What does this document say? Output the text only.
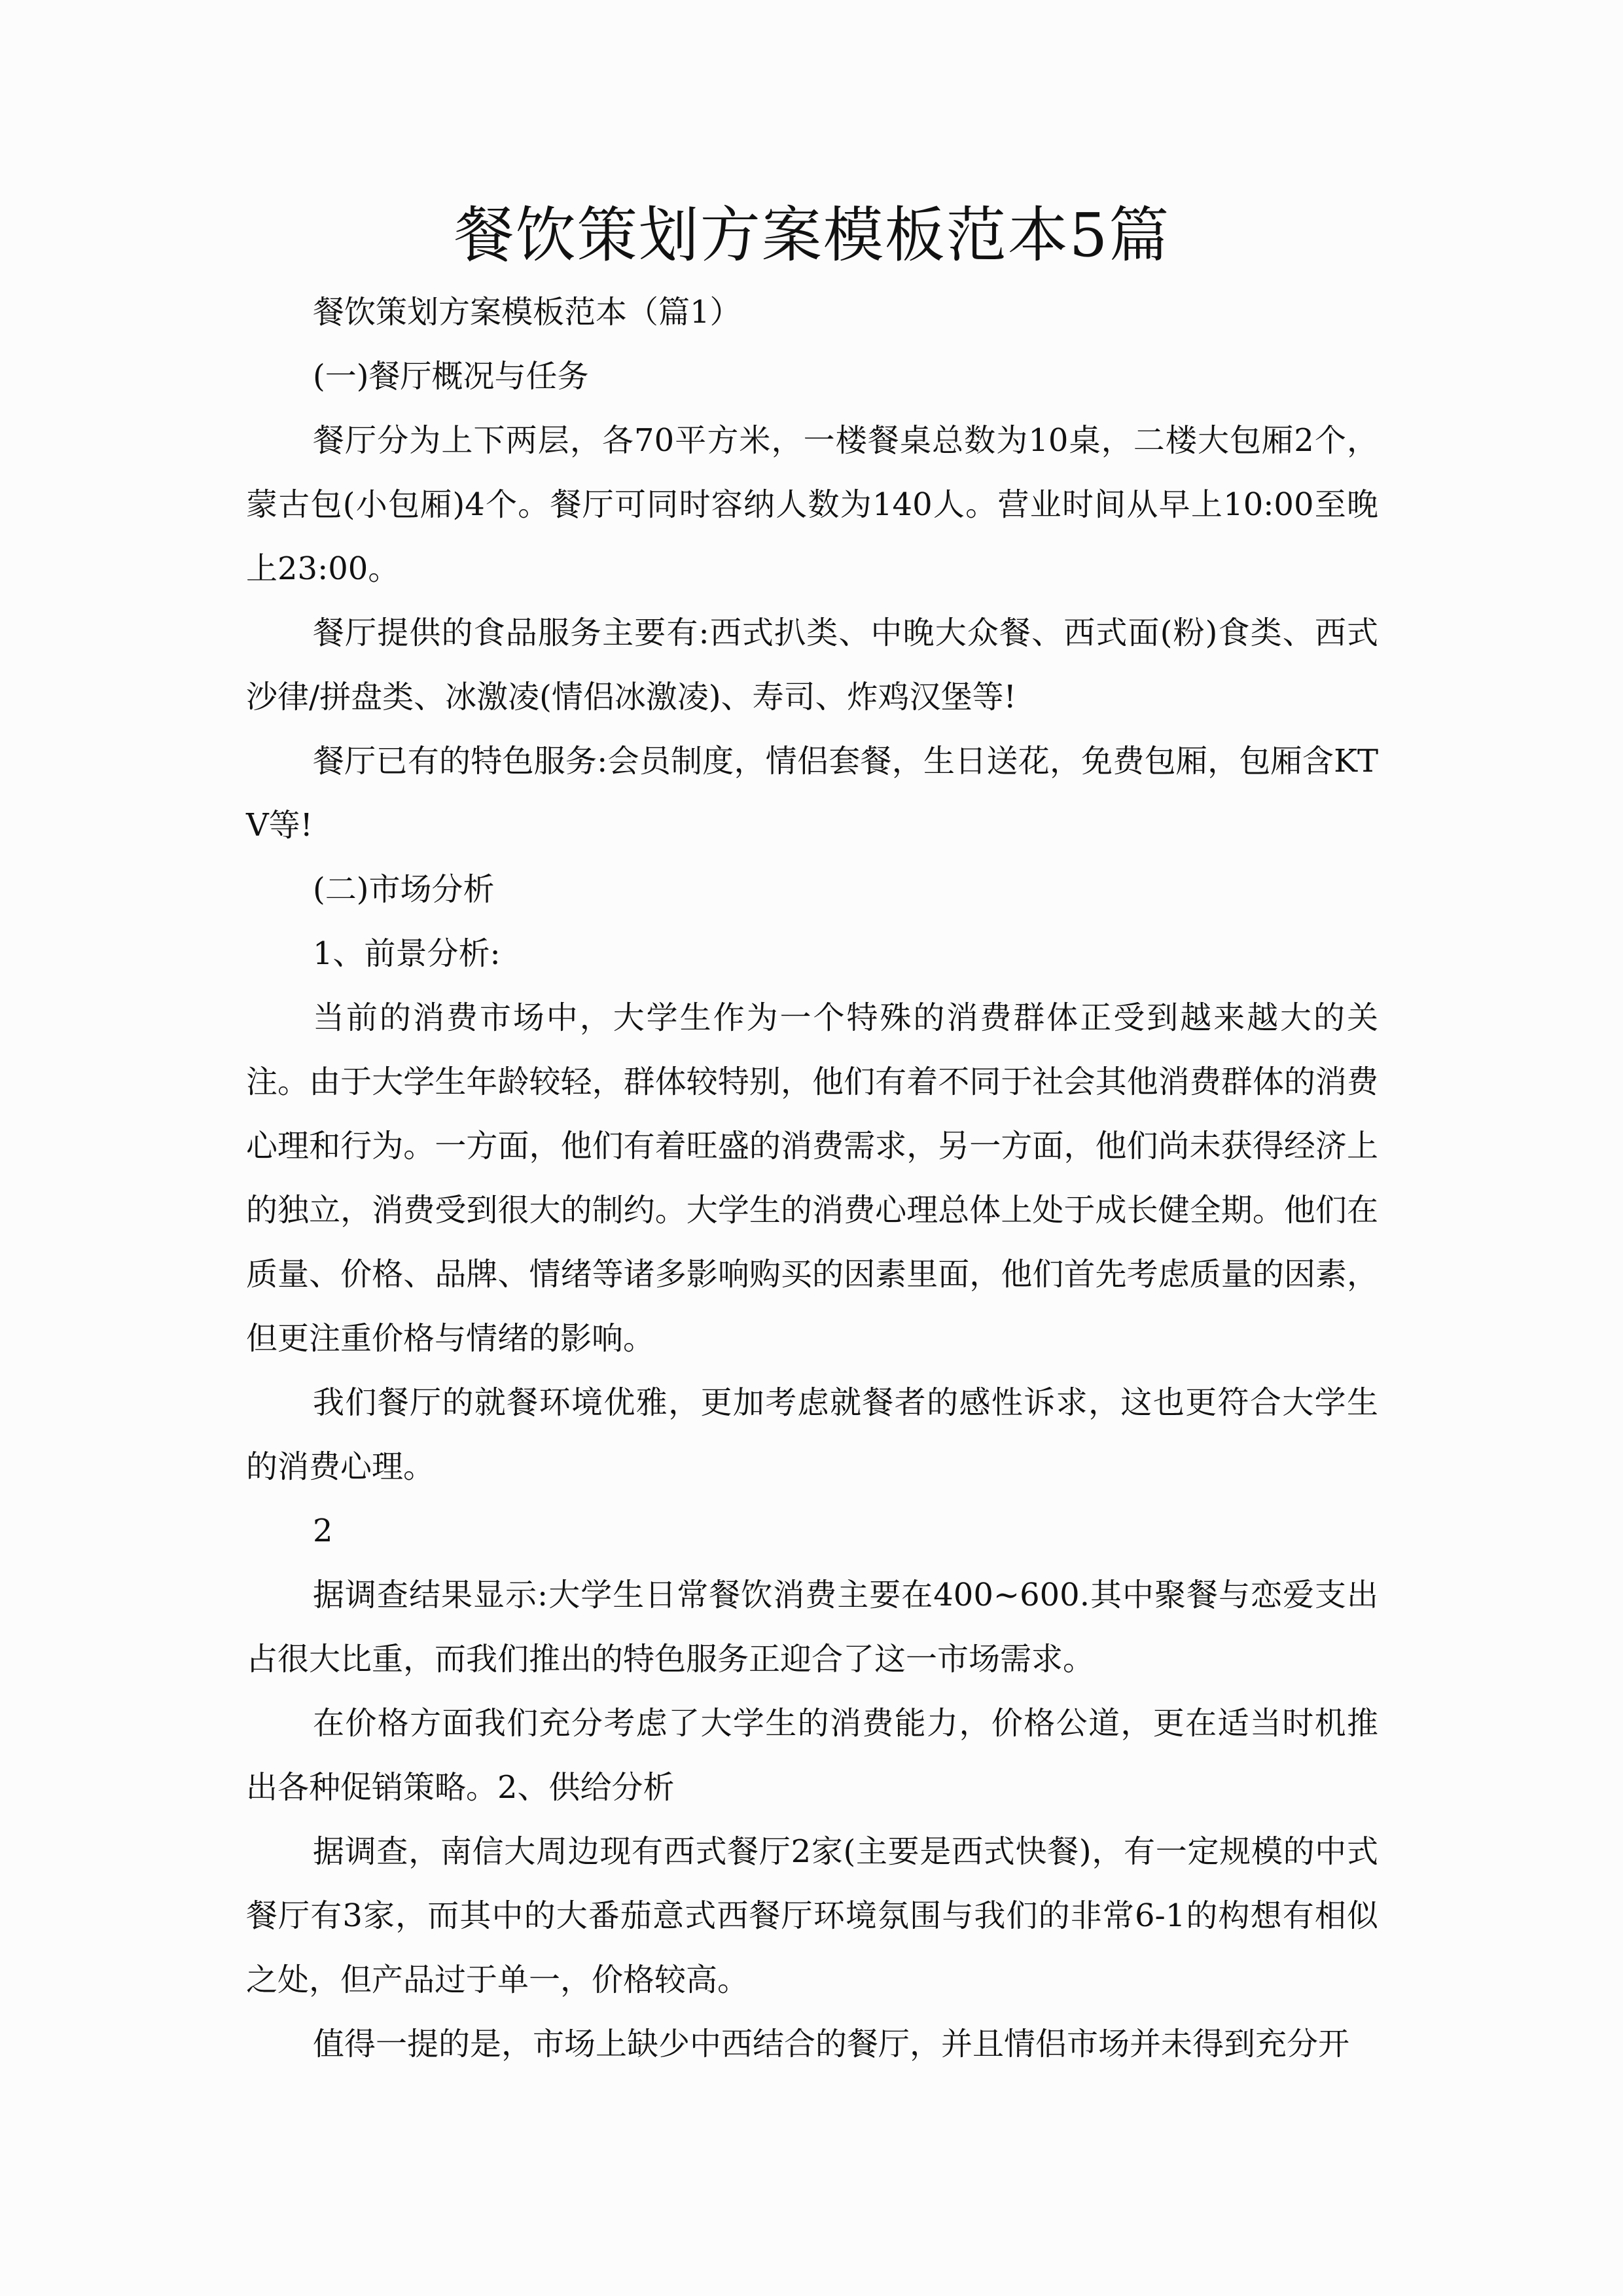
餐饮策划方案模板范本5篇

餐饮策划方案模板范本（篇1）

(一)餐厅概况与任务

餐厅分为上下两层，各70平方米，一楼餐桌总数为10桌，二楼大包厢2个，蒙古包(小包厢)4个。餐厅可同时容纳人数为140人。营业时间从早上10:00至晚上23:00。

餐厅提供的食品服务主要有:西式扒类、中晚大众餐、西式面(粉)食类、西式沙律/拼盘类、冰激凌(情侣冰激凌)、寿司、炸鸡汉堡等!

餐厅已有的特色服务:会员制度，情侣套餐，生日送花，免费包厢，包厢含KTV等!

(二)市场分析

1、前景分析:

当前的消费市场中，大学生作为一个特殊的消费群体正受到越来越大的关注。由于大学生年龄较轻，群体较特别，他们有着不同于社会其他消费群体的消费心理和行为。一方面，他们有着旺盛的消费需求，另一方面，他们尚未获得经济上的独立，消费受到很大的制约。大学生的消费心理总体上处于成长健全期。他们在质量、价格、品牌、情绪等诸多影响购买的因素里面，他们首先考虑质量的因素，但更注重价格与情绪的影响。

我们餐厅的就餐环境优雅，更加考虑就餐者的感性诉求，这也更符合大学生的消费心理。

2

据调查结果显示:大学生日常餐饮消费主要在400~600.其中聚餐与恋爱支出占很大比重，而我们推出的特色服务正迎合了这一市场需求。

在价格方面我们充分考虑了大学生的消费能力，价格公道，更在适当时机推出各种促销策略。2、供给分析

据调查，南信大周边现有西式餐厅2家(主要是西式快餐)，有一定规模的中式餐厅有3家，而其中的大番茄意式西餐厅环境氛围与我们的非常6-1的构想有相似之处，但产品过于单一，价格较高。

值得一提的是，市场上缺少中西结合的餐厅，并且情侣市场并未得到充分开
